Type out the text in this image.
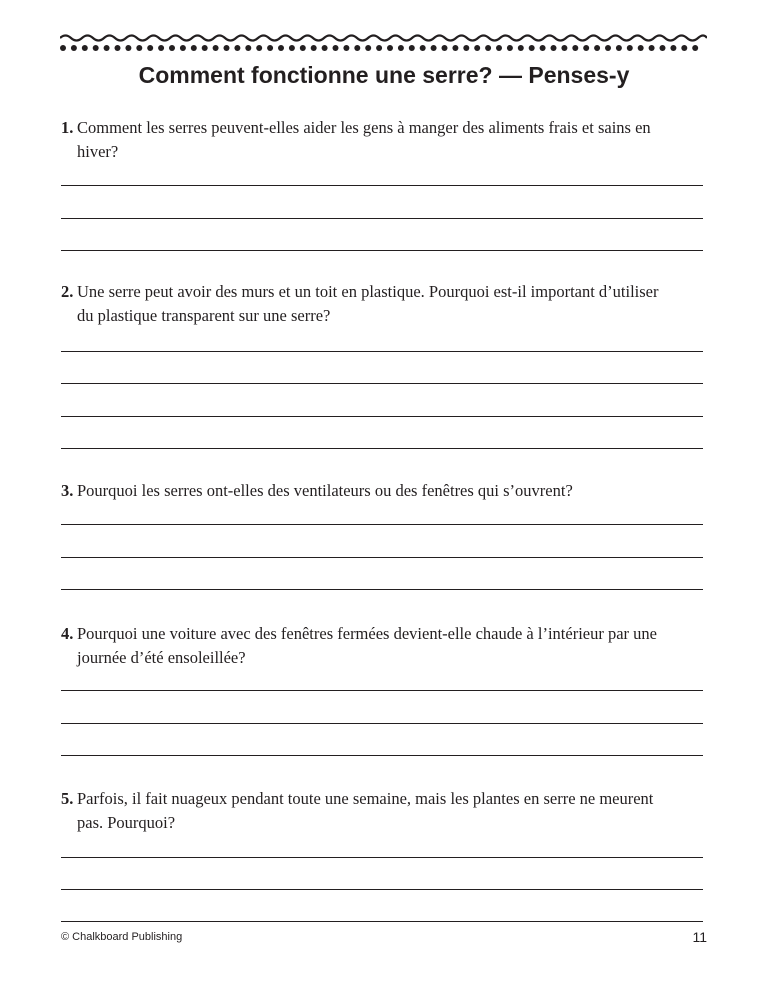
Comment fonctionne une serre? — Penses-y
1. Comment les serres peuvent-elles aider les gens à manger des aliments frais et sains en
hiver?
2. Une serre peut avoir des murs et un toit en plastique. Pourquoi est-il important d’utiliser
du plastique transparent sur une serre?
3. Pourquoi les serres ont-elles des ventilateurs ou des fenêtres qui s’ouvrent?
4. Pourquoi une voiture avec des fenêtres fermées devient-elle chaude à l’intérieur par une
journée d’été ensoleillée?
5. Parfois, il fait nuageux pendant toute une semaine, mais les plantes en serre ne meurent
pas. Pourquoi?
© Chalkboard Publishing	11
